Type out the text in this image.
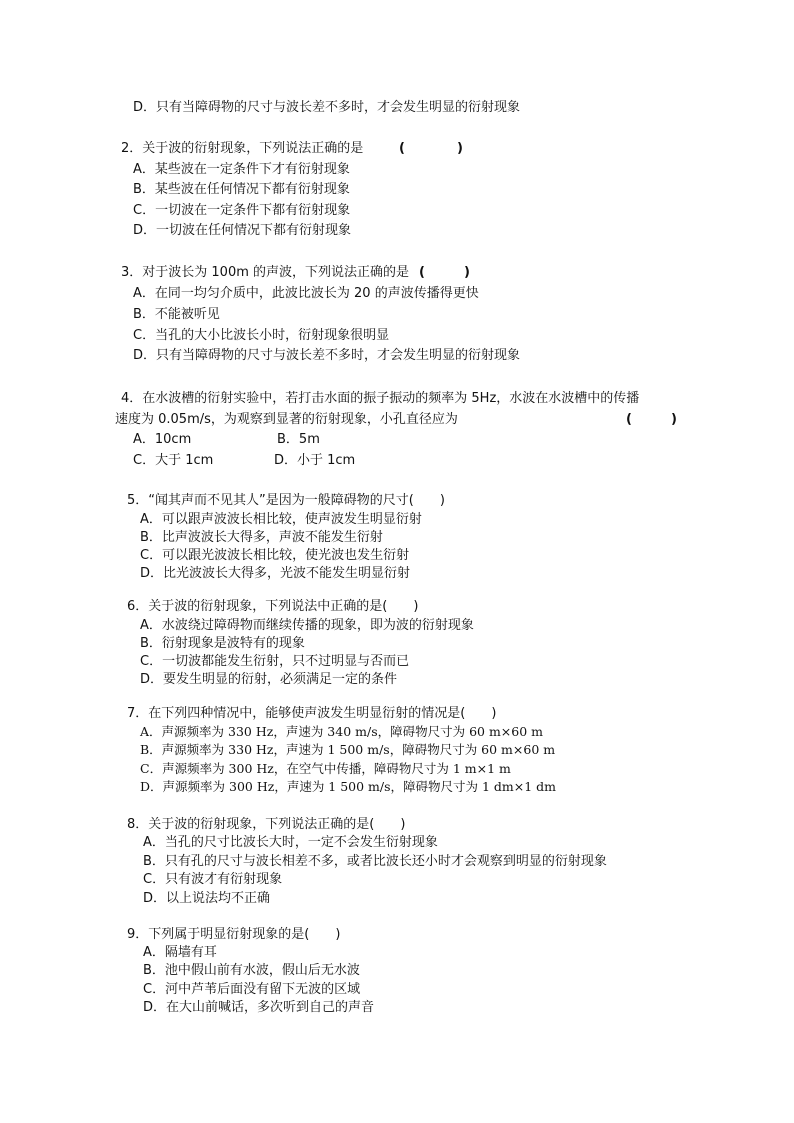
D．只有当障碍物的尺寸与波长差不多时，才会发生明显的衍射现象
2．关于波的衍射现象，下列说法正确的是	(　　　　)
A．某些波在一定条件下才有衍射现象
B．某些波在任何情况下都有衍射现象
C．一切波在一定条件下都有衍射现象
D．一切波在任何情况下都有衍射现象
3．对于波长为 100m 的声波，下列说法正确的是 (　　　)
A．在同一均匀介质中，此波比波长为 20 的声波传播得更快
B．不能被听见
C．当孔的大小比波长小时，衍射现象很明显
D．只有当障碍物的尺寸与波长差不多时，才会发生明显的衍射现象
4．在水波槽的衍射实验中，若打击水面的振子振动的频率为 5Hz，水波在水波槽中的传播
速度为 0.05m/s，为观察到显著的衍射现象，小孔直径应为	(　　　)
A．10cm	B．5m
C．大于 1cm	D．小于 1cm
5．“闻其声而不见其人”是因为一般障碍物的尺寸(　　)
A．可以跟声波波长相比较，使声波发生明显衍射
B．比声波波长大得多，声波不能发生衍射
C．可以跟光波波长相比较，使光波也发生衍射
D．比光波波长大得多，光波不能发生明显衍射
6．关于波的衍射现象，下列说法中正确的是(　　)
A．水波绕过障碍物而继续传播的现象，即为波的衍射现象
B．衍射现象是波特有的现象
C．一切波都能发生衍射，只不过明显与否而已
D．要发生明显的衍射，必须满足一定的条件
7．在下列四种情况中，能够使声波发生明显衍射的情况是(　　)
A．声源频率为 330 Hz，声速为 340 m/s，障碍物尺寸为 60 m×60 m
B．声源频率为 330 Hz，声速为 1 500 m/s，障碍物尺寸为 60 m×60 m
C．声源频率为 300 Hz，在空气中传播，障碍物尺寸为 1 m×1 m
D．声源频率为 300 Hz，声速为 1 500 m/s，障碍物尺寸为 1 dm×1 dm
8．关于波的衍射现象，下列说法正确的是(　　)
A．当孔的尺寸比波长大时，一定不会发生衍射现象
B．只有孔的尺寸与波长相差不多，或者比波长还小时才会观察到明显的衍射现象
C．只有波才有衍射现象
D．以上说法均不正确
9．下列属于明显衍射现象的是(　　)
A．隔墙有耳
B．池中假山前有水波，假山后无水波
C．河中芦苇后面没有留下无波的区域
D．在大山前喊话，多次听到自己的声音
